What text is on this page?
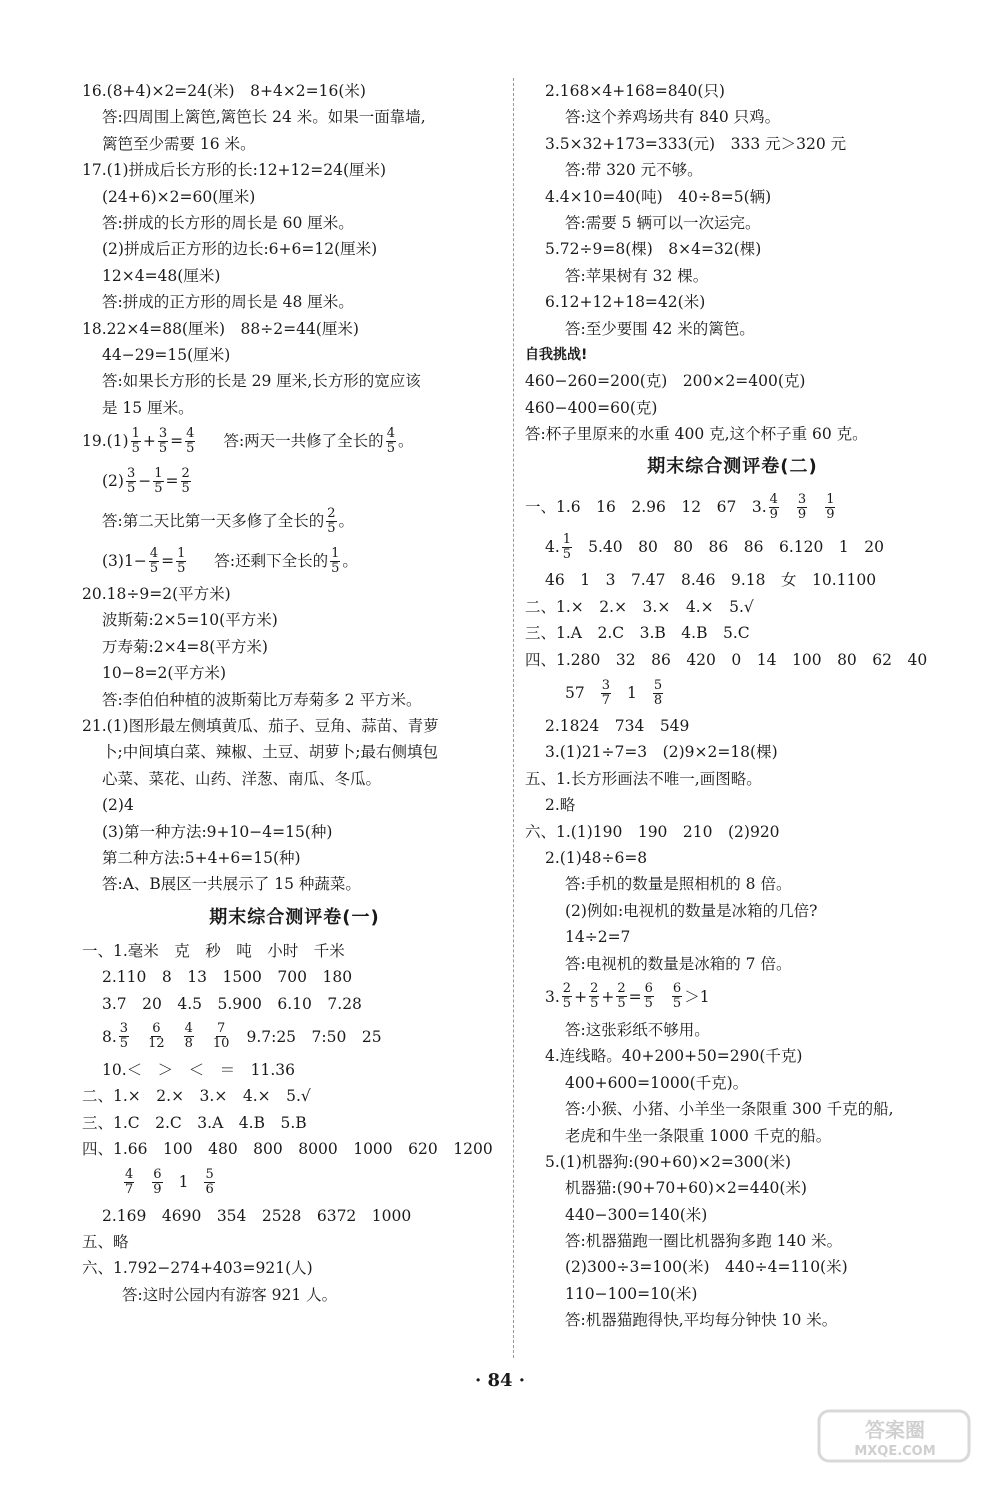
16.(8+4)×2=24(米)　8+4×2=16(米)
答:四周围上篱笆,篱笆长 24 米。如果一面靠墙,
篱笆至少需要 16 米。
17.(1)拼成后长方形的长:12+12=24(厘米)
(24+6)×2=60(厘米)
答:拼成的长方形的周长是 60 厘米。
(2)拼成后正方形的边长:6+6=12(厘米)
12×4=48(厘米)
答:拼成的正方形的周长是 48 厘米。
18.22×4=88(厘米)　88÷2=44(厘米)
44−29=15(厘米)
答:如果长方形的长是 29 厘米,长方形的宽应该
是 15 厘米。
$19.(1) \frac{1}{5} + \frac{3}{5} = \frac{4}{5}$ 答:两天一共修了全长的 $\frac{4}{5}$ 。
$(2) \frac{3}{5} - \frac{1}{5} = \frac{2}{5}$
答:第二天比第一天多修了全长的 $\frac{2}{5}$ 。
$(3)1- \frac{4}{5} = \frac{1}{5}$ 答:还剩下全长的 $\frac{1}{5}$ 。
20.18÷9=2(平方米)
波斯菊:2×5=10(平方米)
万寿菊:2×4=8(平方米)
10−8=2(平方米)
答:李伯伯种植的波斯菊比万寿菊多 2 平方米。
21.(1)图形最左侧填黄瓜、茄子、豆角、蒜苗、青萝
卜;中间填白菜、辣椒、土豆、胡萝卜;最右侧填包
心菜、菜花、山药、洋葱、南瓜、冬瓜。
(2)4
(3)第一种方法:9+10−4=15(种)
第二种方法:5+4+6=15(种)
答:A、B展区一共展示了 15 种蔬菜。
期末综合测评卷(一)
一、1.毫米　克　秒　吨　小时　千米
2.110　8　13　1500　700　180
3.7　20　4.5　5.900　6.10　7.28
8. $\frac{3}{5} \frac{6}{12} \frac{4}{8} \frac{7}{10}$ 9.7:25　7:50　25
10.＜　＞　＜　＝　11.36
二、1.×　2.×　3.×　4.×　5.√
三、1.C　2.C　3.A　4.B　5.B
四、1.66　100　480　800　8000　1000　620　1200
$\frac{4}{7} \frac{6}{9} 1 \frac{5}{6}$
2.169　4690　354　2528　6372　1000
五、略
六、1.792−274+403=921(人)
答:这时公园内有游客 921 人。
2.168×4+168=840(只)
答:这个养鸡场共有 840 只鸡。
3.5×32+173=333(元)　333 元＞320 元
答:带 320 元不够。
4.4×10=40(吨)　40÷8=5(辆)
答:需要 5 辆可以一次运完。
5.72÷9=8(棵)　8×4=32(棵)
答:苹果树有 32 棵。
6.12+12+18=42(米)
答:至少要围 42 米的篱笆。
自我挑战!
460−260=200(克)　200×2=400(克)
460−400=60(克)
答:杯子里原来的水重 400 克,这个杯子重 60 克。
期末综合测评卷(二)
一、1.6　16　2.96　12　67　3. $\frac{4}{9} \frac{3}{9} \frac{1}{9}$
4. $\frac{1}{5} 5.40$　80　80　86　86　6.120　1　20
46　1　3　7.47　8.46　9.18　女　10.1100
二、1.×　2.×　3.×　4.×　5.√
三、1.A　2.C　3.B　4.B　5.C
四、1.280　32　86　420　0　14　100　80　62　40
$57 \frac{3}{7} 1 \frac{5}{8}$
2.1824　734　549
3.(1)21÷7=3　(2)9×2=18(棵)
五、1.长方形画法不唯一,画图略。
2.略
六、1.(1)190　190　210　(2)920
2.(1)48÷6=8
答:手机的数量是照相机的 8 倍。
(2)例如:电视机的数量是冰箱的几倍?
14÷2=7
答:电视机的数量是冰箱的 7 倍。
3. $\frac{2}{5} + \frac{2}{5} + \frac{2}{5} = \frac{6}{5} \frac{6}{5} >1$
答:这张彩纸不够用。
4.连线略。40+200+50=290(千克)
400+600=1000(千克)。
答:小猴、小猪、小羊坐一条限重 300 千克的船,
老虎和牛坐一条限重 1000 千克的船。
5.(1)机器狗:(90+60)×2=300(米)
机器猫:(90+70+60)×2=440(米)
440−300=140(米)
答:机器猫跑一圈比机器狗多跑 140 米。
(2)300÷3=100(米)　440÷4=110(米)
110−100=10(米)
答:机器猫跑得快,平均每分钟快 10 米。
· 84 ·
答案圈
MXQE.COM
